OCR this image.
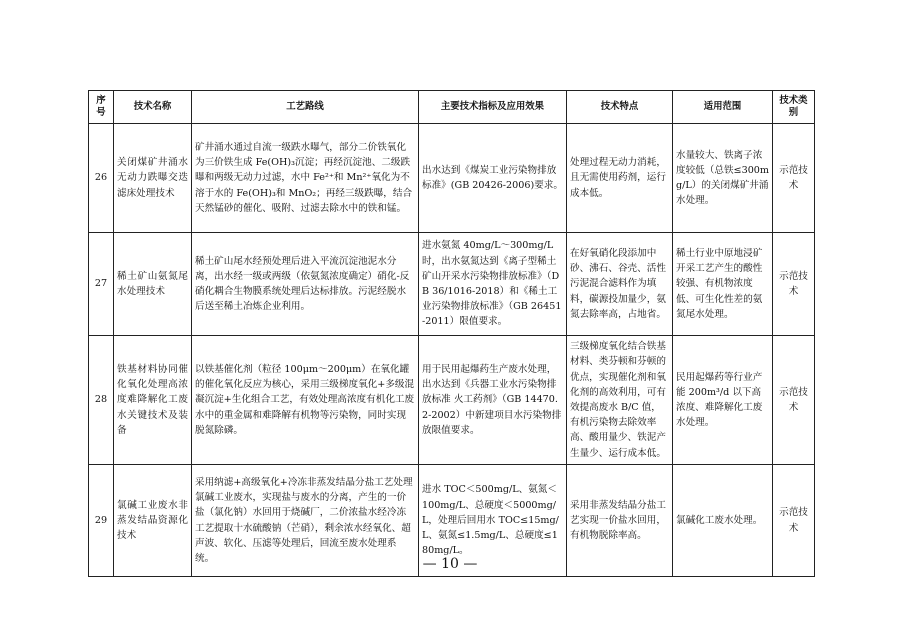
序号	技术名称	工艺路线	主要技术指标及应用效果	技术特点	适用范围	技术类别
26	关闭煤矿井涌水无动力跌曝交迭滤床处理技术	矿井涌水通过自流一级跌水曝气，部分二价铁氧化为三价铁生成 Fe(OH)₃沉淀；再经沉淀池、二级跌曝和两级无动力过滤，水中 Fe²⁺和 Mn²⁺氧化为不溶于水的 Fe(OH)₃和 MnO₂；再经三级跌曝，结合天然锰砂的催化、吸附、过滤去除水中的铁和锰。	出水达到《煤炭工业污染物排放标准》(GB 20426-2006)要求。	处理过程无动力消耗，且无需使用药剂，运行成本低。	水量较大、铁离子浓度较低（总铁≤300mg/L）的关闭煤矿井涌水处理。	示范技术
27	稀土矿山氨氮尾水处理技术	稀土矿山尾水经预处理后进入平流沉淀池泥水分离，出水经一级或两级（依氨氮浓度确定）硝化-反硝化耦合生物膜系统处理后达标排放。污泥经脱水后送至稀土冶炼企业利用。	进水氨氮 40mg/L～300mg/L 时，出水氨氮达到《离子型稀土矿山开采水污染物排放标准》（DB 36/1016-2018）和《稀土工业污染物排放标准》（GB 26451-2011）限值要求。	在好氧硝化段添加中砂、沸石、谷壳、活性污泥混合滤料作为填料，碳源投加量少，氨氮去除率高，占地省。	稀土行业中原地浸矿开采工艺产生的酸性较强、有机物浓度低、可生化性差的氨氮尾水处理。	示范技术
28	铁基材料协同催化氧化处理高浓度难降解化工废水关键技术及装备	以铁基催化剂（粒径 100μm～200μm）在氧化罐的催化氧化反应为核心，采用三级梯度氧化+多级混凝沉淀+生化组合工艺，有效处理高浓度有机化工废水中的重金属和难降解有机物等污染物，同时实现脱氮除磷。	用于民用起爆药生产废水处理，出水达到《兵器工业水污染物排放标准 火工药剂》（GB 14470.2-2002）中新建项目水污染物排放限值要求。	三级梯度氧化结合铁基材料、类芬顿和芬顿的优点，实现催化剂和氧化剂的高效利用，可有效提高废水 B/C 值，有机污染物去除效率高、酸用量少、铁泥产生量少、运行成本低。	民用起爆药等行业产能 200m³/d 以下高浓度、难降解化工废水处理。	示范技术
29	氯碱工业废水非蒸发结晶资源化技术	采用纳滤+高级氧化+冷冻非蒸发结晶分盐工艺处理氯碱工业废水，实现盐与废水的分离，产生的一价盐（氯化钠）水回用于烧碱厂，二价浓盐水经冷冻工艺提取十水硫酸钠（芒硝），剩余浓水经氧化、超声波、软化、压滤等处理后，回流至废水处理系统。	进水 TOC＜500mg/L、氨氮＜100mg/L、总硬度＜5000mg/L，处理后回用水 TOC≤15mg/L、氨氮≤1.5mg/L、总硬度≤180mg/L。	采用非蒸发结晶分盐工艺实现一价盐水回用，有机物脱除率高。	氯碱化工废水处理。	示范技术
— 10 —
